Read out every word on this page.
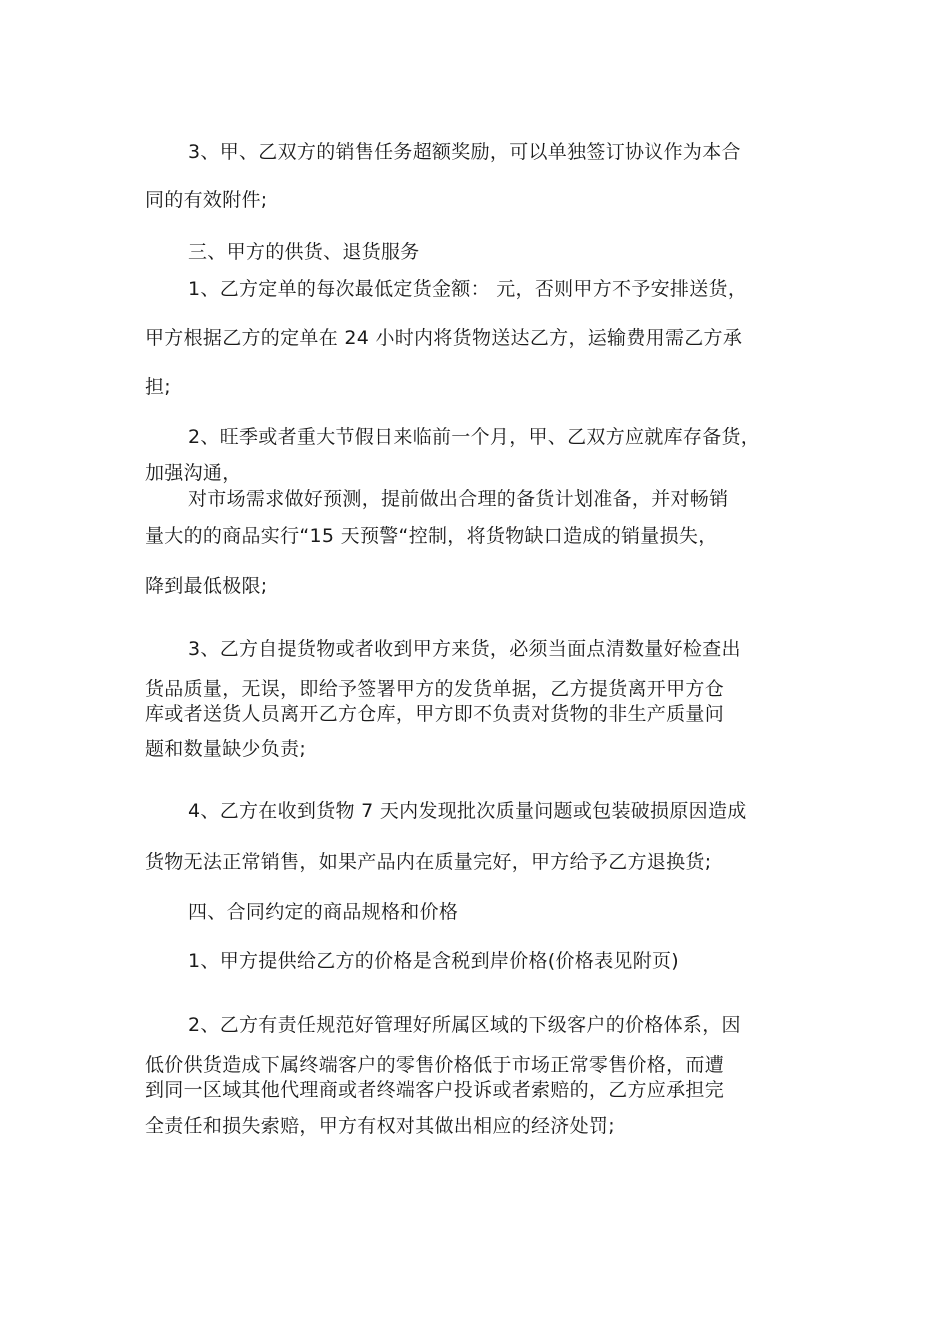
3、甲、乙双方的销售任务超额奖励，可以单独签订协议作为本合
同的有效附件;
三、甲方的供货、退货服务
1、乙方定单的每次最低定货金额： 元，否则甲方不予安排送货，
甲方根据乙方的定单在 24 小时内将货物送达乙方，运输费用需乙方承
担;
2、旺季或者重大节假日来临前一个月，甲、乙双方应就库存备货，
加强沟通，
对市场需求做好预测，提前做出合理的备货计划准备，并对畅销
量大的的商品实行“15 天预警“控制，将货物缺口造成的销量损失，
降到最低极限;
3、乙方自提货物或者收到甲方来货，必须当面点清数量好检查出
货品质量，无误，即给予签署甲方的发货单据，乙方提货离开甲方仓
库或者送货人员离开乙方仓库，甲方即不负责对货物的非生产质量问
题和数量缺少负责;
4、乙方在收到货物 7 天内发现批次质量问题或包装破损原因造成
货物无法正常销售，如果产品内在质量完好，甲方给予乙方退换货;
四、合同约定的商品规格和价格
1、甲方提供给乙方的价格是含税到岸价格(价格表见附页)
2、乙方有责任规范好管理好所属区域的下级客户的价格体系，因
低价供货造成下属终端客户的零售价格低于市场正常零售价格，而遭
到同一区域其他代理商或者终端客户投诉或者索赔的，乙方应承担完
全责任和损失索赔，甲方有权对其做出相应的经济处罚;
